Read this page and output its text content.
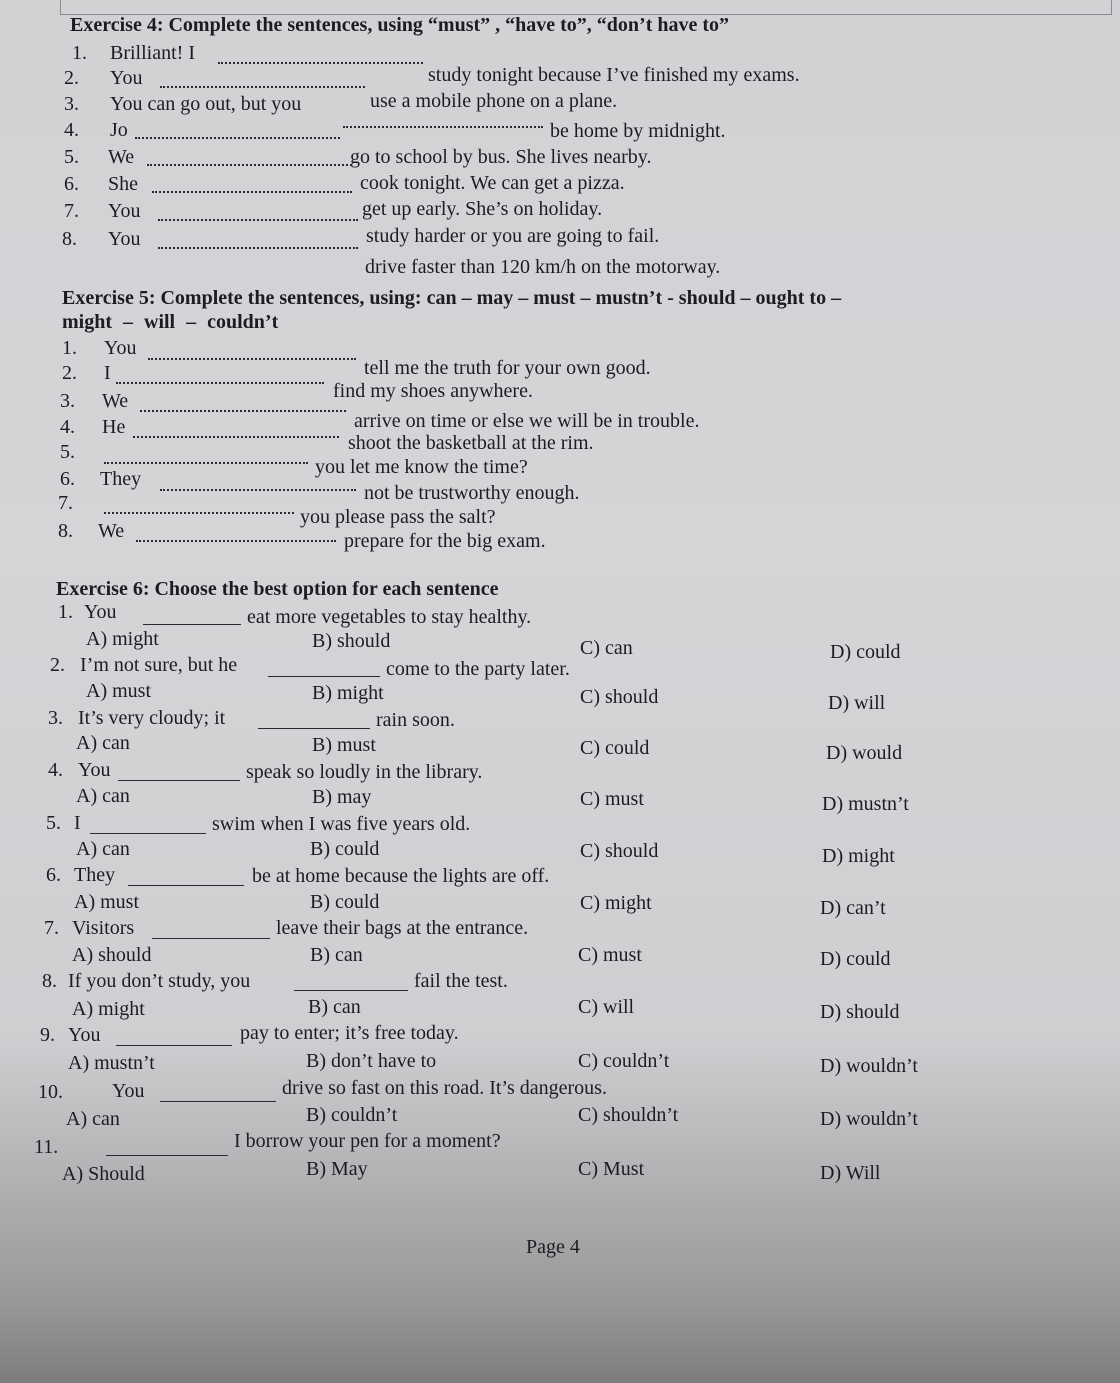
Exercise 4: Complete the sentences, using “must” , “have to”, “don’t have to”
1. Brilliant! I
study tonight because I’ve finished my exams.
2. You
use a mobile phone on a plane.
3. You can go out, but you
be home by midnight.
4. Jo
go to school by bus. She lives nearby.
5. We
cook tonight. We can get a pizza.
6. She
get up early. She’s on holiday.
7. You
study harder or you are going to fail.
8. You
drive faster than 120 km/h on the motorway.
Exercise 5: Complete the sentences, using: can – may – must – mustn’t - should – ought to –
might – will – couldn’t
1. You
tell me the truth for your own good.
2. I
find my shoes anywhere.
3. We
arrive on time or else we will be in trouble.
4. He
shoot the basketball at the rim.
5.
you let me know the time?
6. They
not be trustworthy enough.
7.
you please pass the salt?
8. We	prepare for the big exam.
Exercise 6: Choose the best option for each sentence
1. You	eat more vegetables to stay healthy.
A) might	B) should	C) can	D) could
2. I’m not sure, but he	come to the party later.
A) must	B) might	C) should	D) will
3. It’s very cloudy; it	rain soon.
A) can	B) must	C) could	D) would
4. You	speak so loudly in the library.
A) can	B) may	C) must	D) mustn’t
5. I	swim when I was five years old.
A) can	B) could	C) should	D) might
6. They	be at home because the lights are off.
A) must	B) could	C) might	D) can’t
7. Visitors	leave their bags at the entrance.
A) should	B) can	C) must	D) could
8. If you don’t study, you	fail the test.
A) might	B) can	C) will	D) should
9. You	pay to enter; it’s free today.
A) mustn’t	B) don’t have to	C) couldn’t	D) wouldn’t
10. You	drive so fast on this road. It’s dangerous.
A) can	B) couldn’t	C) shouldn’t	D) wouldn’t
11.	I borrow your pen for a moment?
A) Should	B) May	C) Must	D) Will
Page 4
